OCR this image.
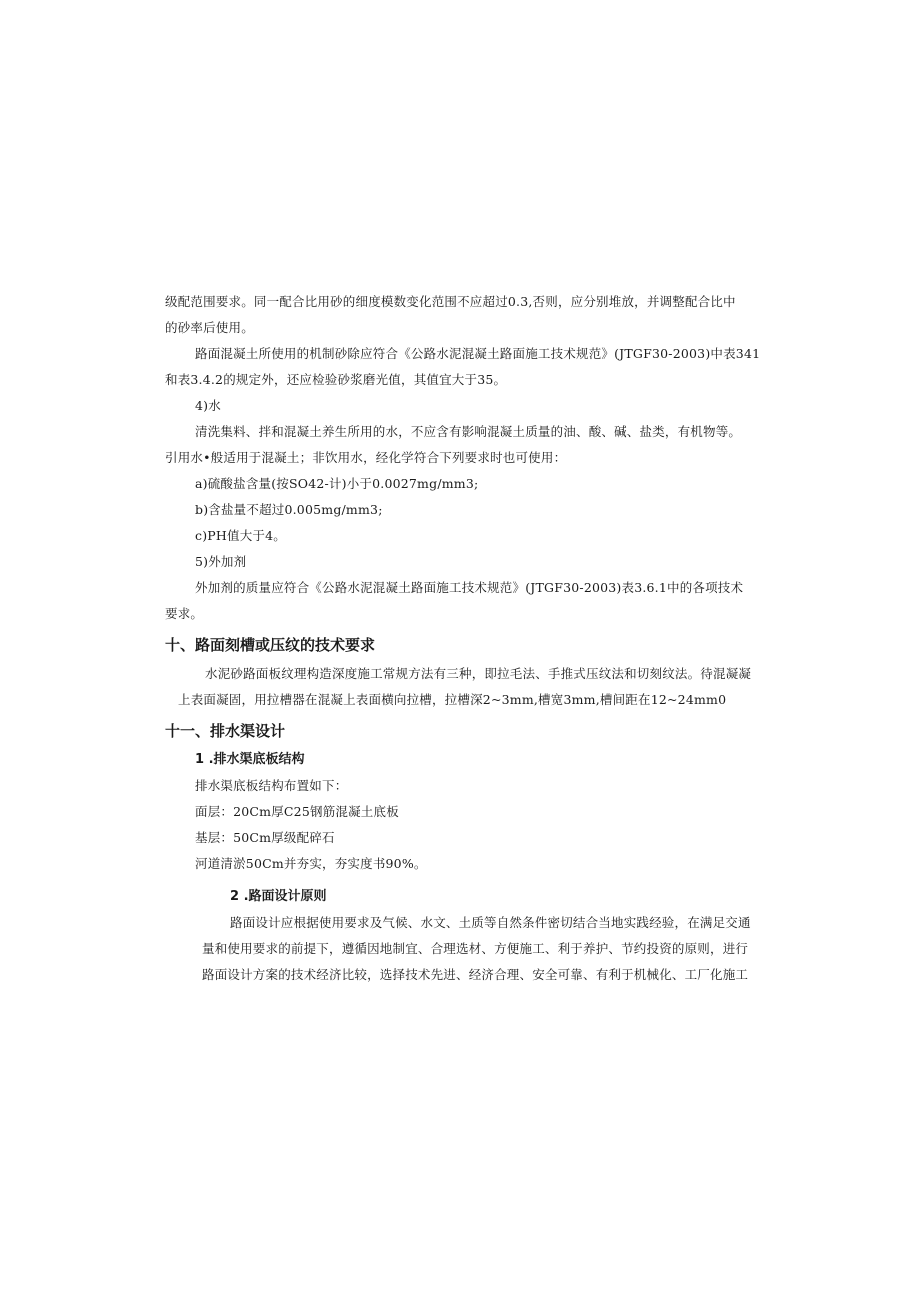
级配范围要求。同一配合比用砂的细度模数变化范围不应超过0.3,否则，应分别堆放，并调整配合比中
的砂率后使用。
路面混凝土所使用的机制砂除应符合《公路水泥混凝土路面施工技术规范》(JTGF30-2003)中表341
和表3.4.2的规定外，还应检验砂浆磨光值，其值宜大于35。
4)水
清洗集料、拌和混凝土养生所用的水，不应含有影响混凝土质量的油、酸、碱、盐类，有机物等。
引用水•般适用于混凝土；非饮用水，经化学符合下列要求时也可使用：
a)硫酸盐含量(按SO42-计)小于0.0027mg/mm3;
b)含盐量不超过0.005mg/mm3;
c)PH值大于4。
5)外加剂
外加剂的质量应符合《公路水泥混凝土路面施工技术规范》(JTGF30-2003)表3.6.1中的各项技术
要求。
十、路面刻槽或压纹的技术要求
水泥砂路面板纹理构造深度施工常规方法有三种，即拉毛法、手推式压纹法和切刻纹法。待混凝凝
上表面凝固，用拉槽器在混凝上表面横向拉槽，拉槽深2~3mm,槽宽3mm,槽间距在12~24mm0
十一、排水渠设计
1 .排水渠底板结构
排水渠底板结构布置如下：
面层：20Cm厚C25钢筋混凝土底板
基层：50Cm厚级配碎石
河道清淤50Cm并夯实，夯实度书90%。
2 .路面设计原则
路面设计应根据使用要求及气候、水文、土质等自然条件密切结合当地实践经验，在满足交通
量和使用要求的前提下，遵循因地制宜、合理选材、方便施工、利于养护、节约投资的原则，进行
路面设计方案的技术经济比较，选择技术先进、经济合理、安全可靠、有利于机械化、工厂化施工
